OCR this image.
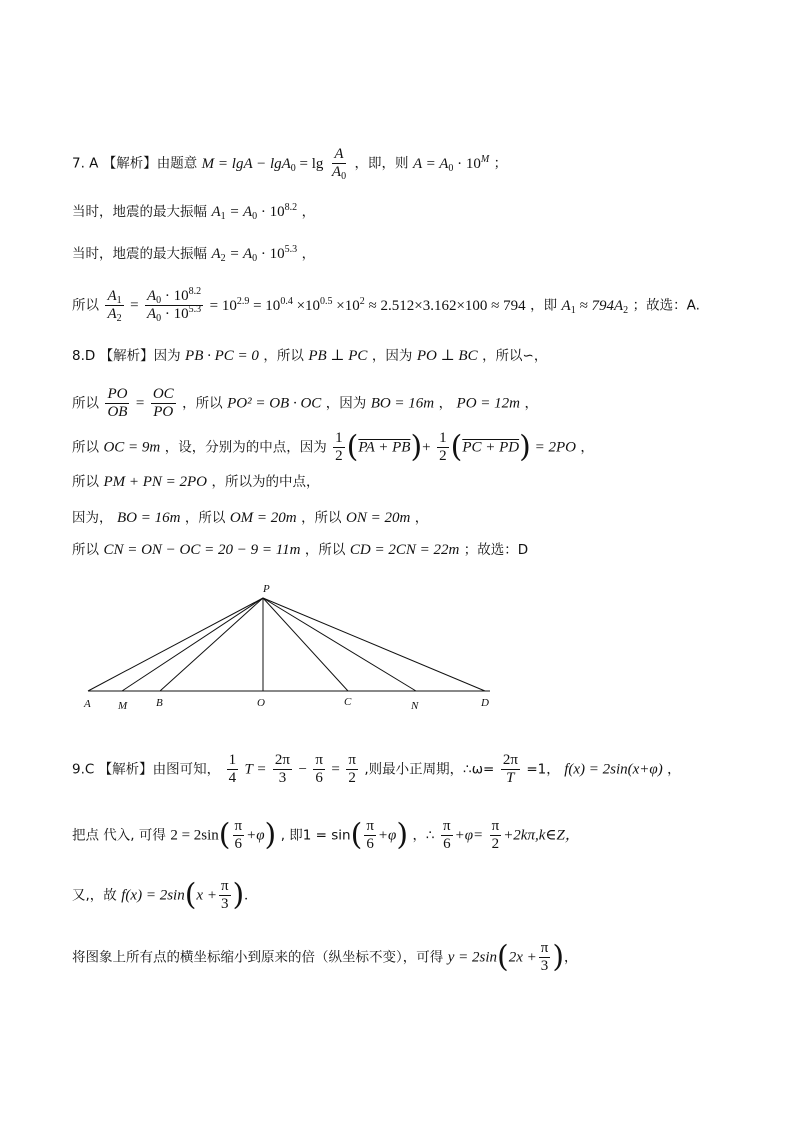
7. A 【解析】由题意 $M = \lg A - \lg A_0 = \lg \frac{A}{A_0}$ ，即，则 $A = A_0 \cdot 10^M$ ；
当时，地震的最大振幅 $A_1 = A_0 \cdot 10^{8.2}$ ，
当时，地震的最大振幅 $A_2 = A_0 \cdot 10^{5.3}$ ，
所以 $\frac{A_1}{A_2} = \frac{A_0 \cdot 10^{8.2}}{A_0 \cdot 10^{5.3}} = 10^{2.9} = 10^{0.4} \times 10^{0.5} \times 10^2 \approx 2.512\times 3.162\times 100 \approx 794$ ，即 $A_1 \approx 794A_2$ ；故选：A.
8.D 【解析】因为 PB · PC = 0 ，所以 PB ⊥ PC ，因为 PO ⊥ BC ，所以∽，
所以 $\frac{PO}{OB} = \frac{OC}{PO}$ ，所以 PO² = OB · OC ，因为 BO = 16m ， PO = 12m ，
所以 OC = 9m ，设，分别为的中点，因为 $\frac{1}{2} (PA + PB)+ \frac{1}{2} (PC + PD) = 2PO$ ，
所以 PM + PN = 2PO ，所以为的中点，
因为， BO = 16m ，所以 OM = 20m ，所以 ON = 20m ，
所以 CN = ON − OC = 20 − 9 = 11m ，所以 CD = 2CN = 22m ；故选：D
P
A M	B	O	C	N	D
9.C 【解析】由图可知， $\frac{1}{4}$ $T = \frac{2\pi}{3} - \frac{\pi}{6} = \frac{\pi}{2}$ ,则最小正周期，∴ω= $\frac{2\pi}{T} =1$， f(x) = 2sin(x+φ) ，
把点 代入, 可得 $2 = 2\sin( \frac{\pi}{6} +\varphi)$ , 即$1 = \sin( \frac{\pi}{6} +\varphi)$ ，∴ $\frac{\pi}{6} +\varphi= \frac{\pi}{2}$ +2kπ,k∈Z，
又,，故 $f(x) = 2\sin(x + \frac{\pi}{3}$ ).
将图象上所有点的横坐标缩小到原来的倍（纵坐标不变），可得 $y = 2\sin(2x + \frac{\pi}{3}$ )，
